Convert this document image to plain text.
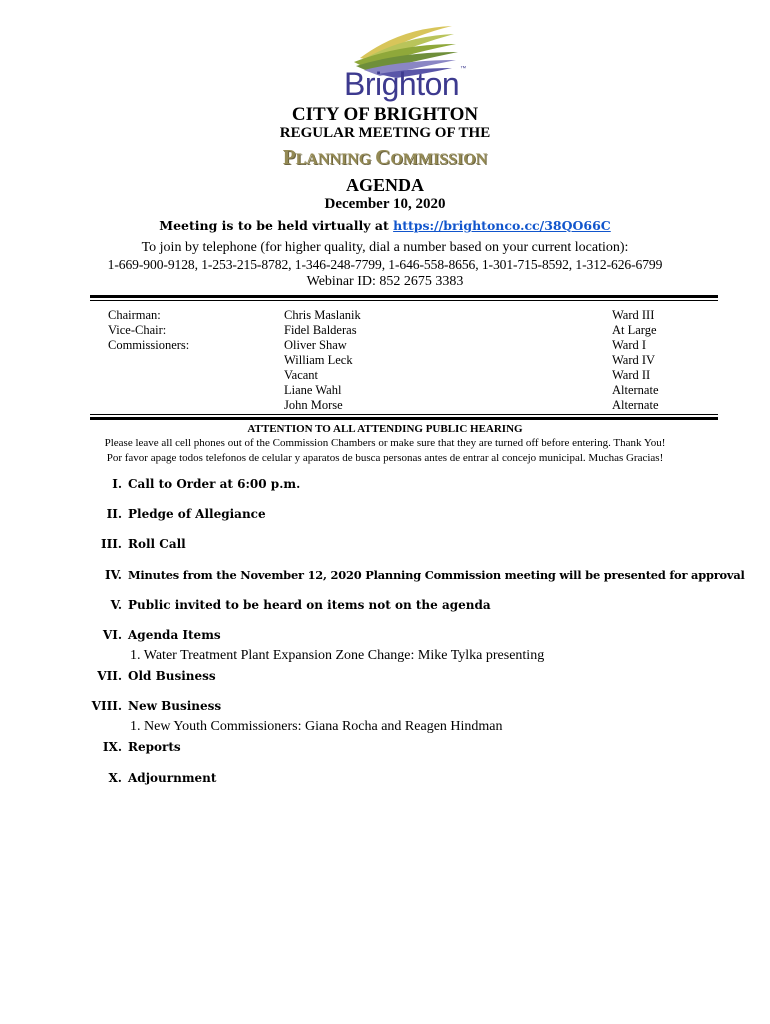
Brighton™
CITY OF BRIGHTON
REGULAR MEETING OF THE
PLANNING COMMISSION
AGENDA
December 10, 2020
Meeting is to be held virtually at https://brightonco.cc/38QO66C
To join by telephone (for higher quality, dial a number based on your current location):
1-669-900-9128, 1-253-215-8782, 1-346-248-7799, 1-646-558-8656, 1-301-715-8592, 1-312-626-6799
Webinar ID: 852 2675 3383
Chairman:
Vice-Chair:
Commissioners:
Chris Maslanik
Fidel Balderas
Oliver Shaw
William Leck
Vacant
Liane Wahl
John Morse
Ward III
At Large
Ward I
Ward IV
Ward II
Alternate
Alternate
ATTENTION TO ALL ATTENDING PUBLIC HEARING
Please leave all cell phones out of the Commission Chambers or make sure that they are turned off before entering. Thank You!
Por favor apage todos telefonos de celular y aparatos de busca personas antes de entrar al concejo municipal. Muchas Gracias!
I. Call to Order at 6:00 p.m.
II. Pledge of Allegiance
III. Roll Call
IV. Minutes from the November 12, 2020 Planning Commission meeting will be presented for approval
V. Public invited to be heard on items not on the agenda
VI. Agenda Items
1. Water Treatment Plant Expansion Zone Change: Mike Tylka presenting
VII. Old Business
VIII. New Business
1. New Youth Commissioners: Giana Rocha and Reagen Hindman
IX. Reports
X. Adjournment
